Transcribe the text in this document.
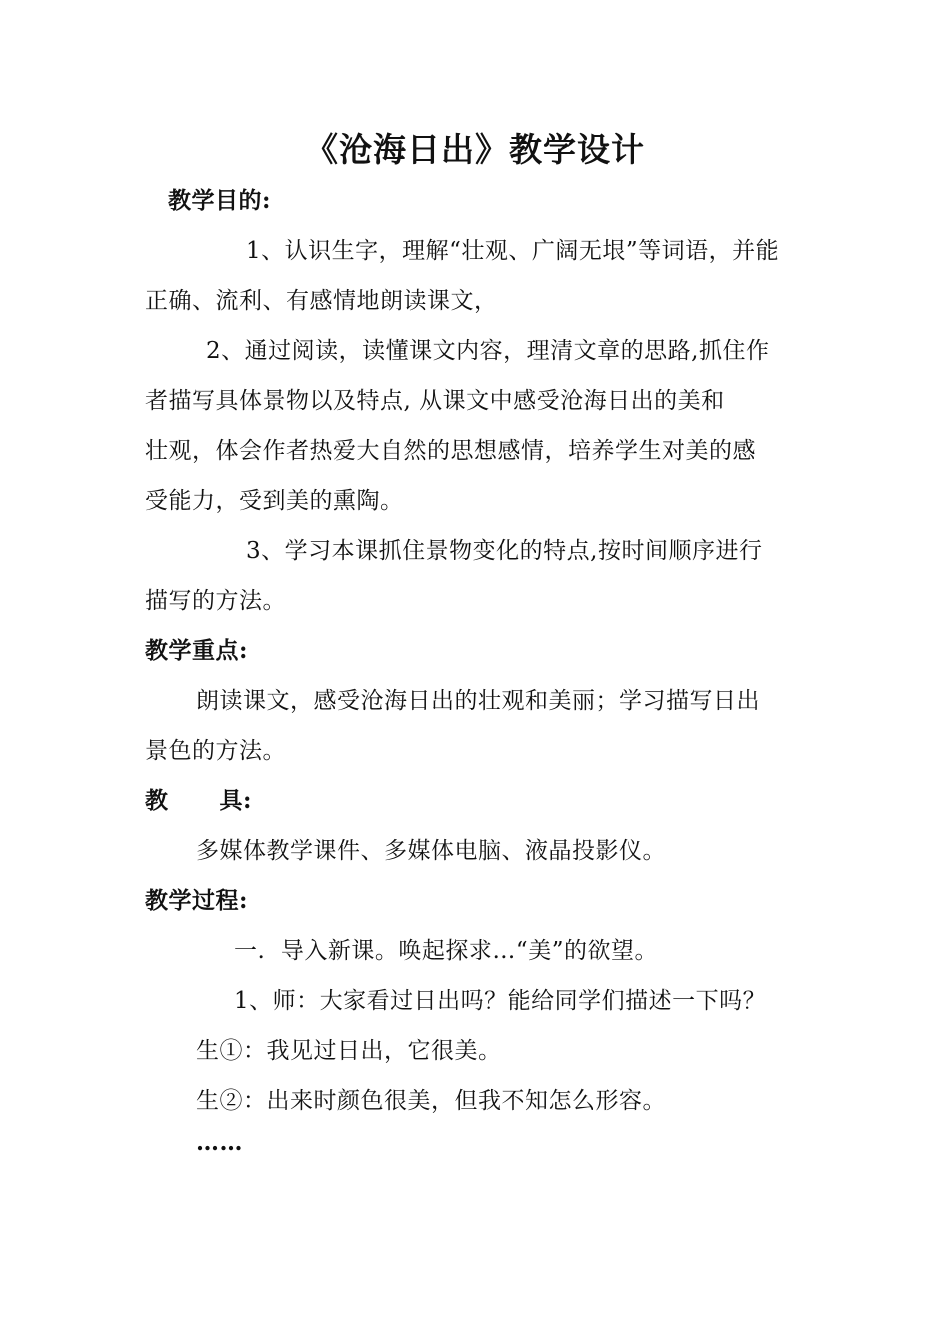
《沧海日出》教学设计
教学目的:
1、认识生字，理解“壮观、广阔无垠”等词语，并能
正确、流利、有感情地朗读课文，
2、通过阅读，读懂课文内容，理清文章的思路,抓住作
者描写具体景物以及特点, 从课文中感受沧海日出的美和
壮观，体会作者热爱大自然的思想感情，培养学生对美的感
受能力，受到美的熏陶。
3、学习本课抓住景物变化的特点,按时间顺序进行
描写的方法。
教学重点:
朗读课文，感受沧海日出的壮观和美丽；学习描写日出
景色的方法。
教      具:
多媒体教学课件、多媒体电脑、液晶投影仪。
教学过程:
一.  导入新课。唤起探求…“美”的欲望。
1、师：大家看过日出吗？能给同学们描述一下吗？
生①：我见过日出，它很美。
生②：出来时颜色很美，但我不知怎么形容。
……
